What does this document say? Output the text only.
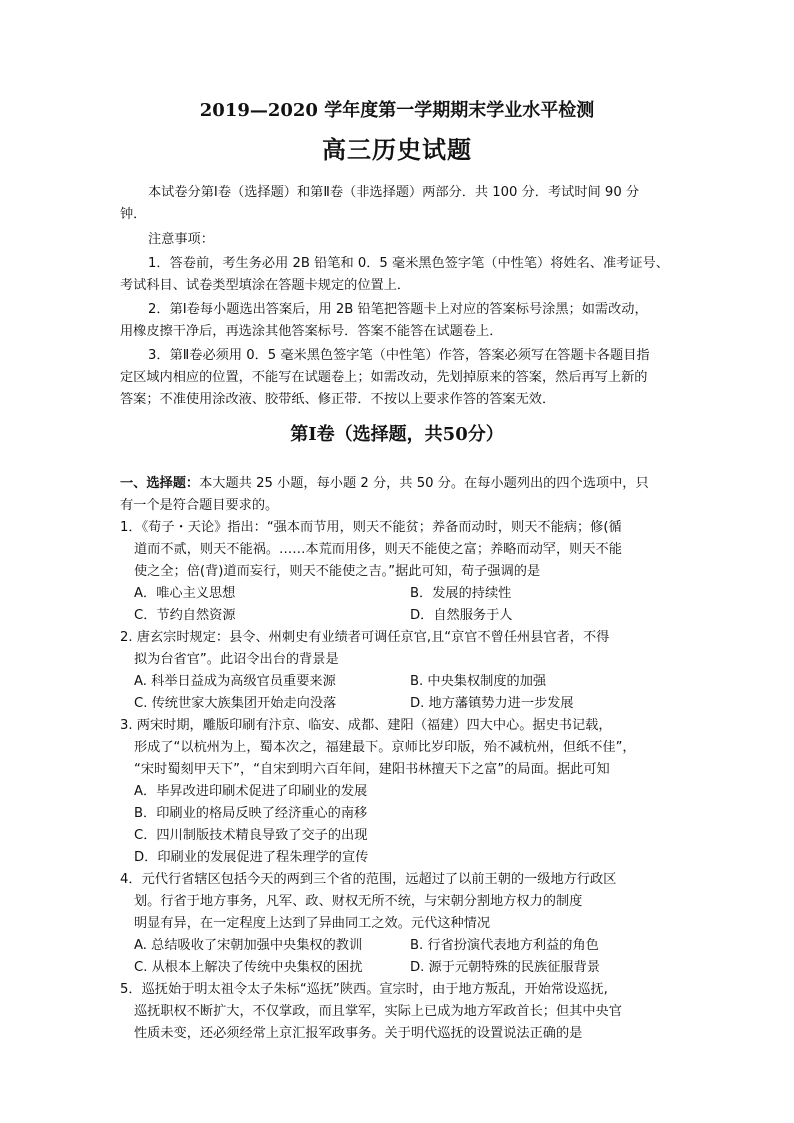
2019—2020 学年度第一学期期末学业水平检测
高三历史试题
本试卷分第Ⅰ卷（选择题）和第Ⅱ卷（非选择题）两部分．共 100 分．考试时间 90 分
钟．
注意事项：
1．答卷前，考生务必用 2B 铅笔和 0．5 毫米黑色签字笔（中性笔）将姓名、准考证号、
考试科目、试卷类型填涂在答题卡规定的位置上．
2．第Ⅰ卷每小题选出答案后，用 2B 铅笔把答题卡上对应的答案标号涂黑；如需改动，
用橡皮擦干净后，再选涂其他答案标号．答案不能答在试题卷上．
3．第Ⅱ卷必须用 0．5 毫米黑色签字笔（中性笔）作答，答案必须写在答题卡各题目指
定区域内相应的位置，不能写在试题卷上；如需改动，先划掉原来的答案，然后再写上新的
答案；不准使用涂改液、胶带纸、修正带．不按以上要求作答的答案无效．
第Ⅰ卷（选择题，共50分）
一、选择题：本大题共 25 小题，每小题 2 分，共 50 分。在每小题列出的四个选项中，只
有一个是符合题目要求的。
1．《荀子・天论》指出：“强本而节用，则天不能贫；养备而动时，则天不能病；修(循
道而不贰，则天不能祸。……本荒而用侈，则天不能使之富；养略而动罕，则天不能
使之全；倍(背)道而妄行，则天不能使之吉。”据此可知，荀子强调的是
A．唯心主义思想	B．发展的持续性
C．节约自然资源	D．自然服务于人
2. 唐玄宗时规定：县令、州刺史有业绩者可调任京官,且“京官不曾任州县官者，不得
拟为台省官”。此诏令出台的背景是
A. 科举日益成为高级官员重要来源	B. 中央集权制度的加强
C. 传统世家大族集团开始走向没落	D. 地方藩镇势力进一步发展
3. 两宋时期，雕版印刷有汴京、临安、成都、建阳（福建）四大中心。据史书记载，
形成了“以杭州为上，蜀本次之，福建最下。京师比岁印版，殆不减杭州，但纸不佳”，
“宋时蜀刻甲天下”，“自宋到明六百年间，建阳书林擅天下之富”的局面。据此可知
A．毕昇改进印刷术促进了印刷业的发展
B．印刷业的格局反映了经济重心的南移
C．四川制版技术精良导致了交子的出现
D．印刷业的发展促进了程朱理学的宣传
4．元代行省辖区包括今天的两到三个省的范围，远超过了以前王朝的一级地方行政区
划。行省于地方事务，凡军、政、财权无所不统，与宋朝分割地方权力的制度
明显有异，在一定程度上达到了异曲同工之效。元代这种情况
A. 总结吸收了宋朝加强中央集权的教训	B. 行省扮演代表地方利益的角色
C. 从根本上解决了传统中央集权的困扰	D. 源于元朝特殊的民族征服背景
5．巡抚始于明太祖令太子朱标“巡抚”陕西。宣宗时，由于地方叛乱，开始常设巡抚,
巡抚职权不断扩大，不仅掌政，而且掌军，实际上已成为地方军政首长；但其中央官
性质未变，还必须经常上京汇报军政事务。关于明代巡抚的设置说法正确的是
